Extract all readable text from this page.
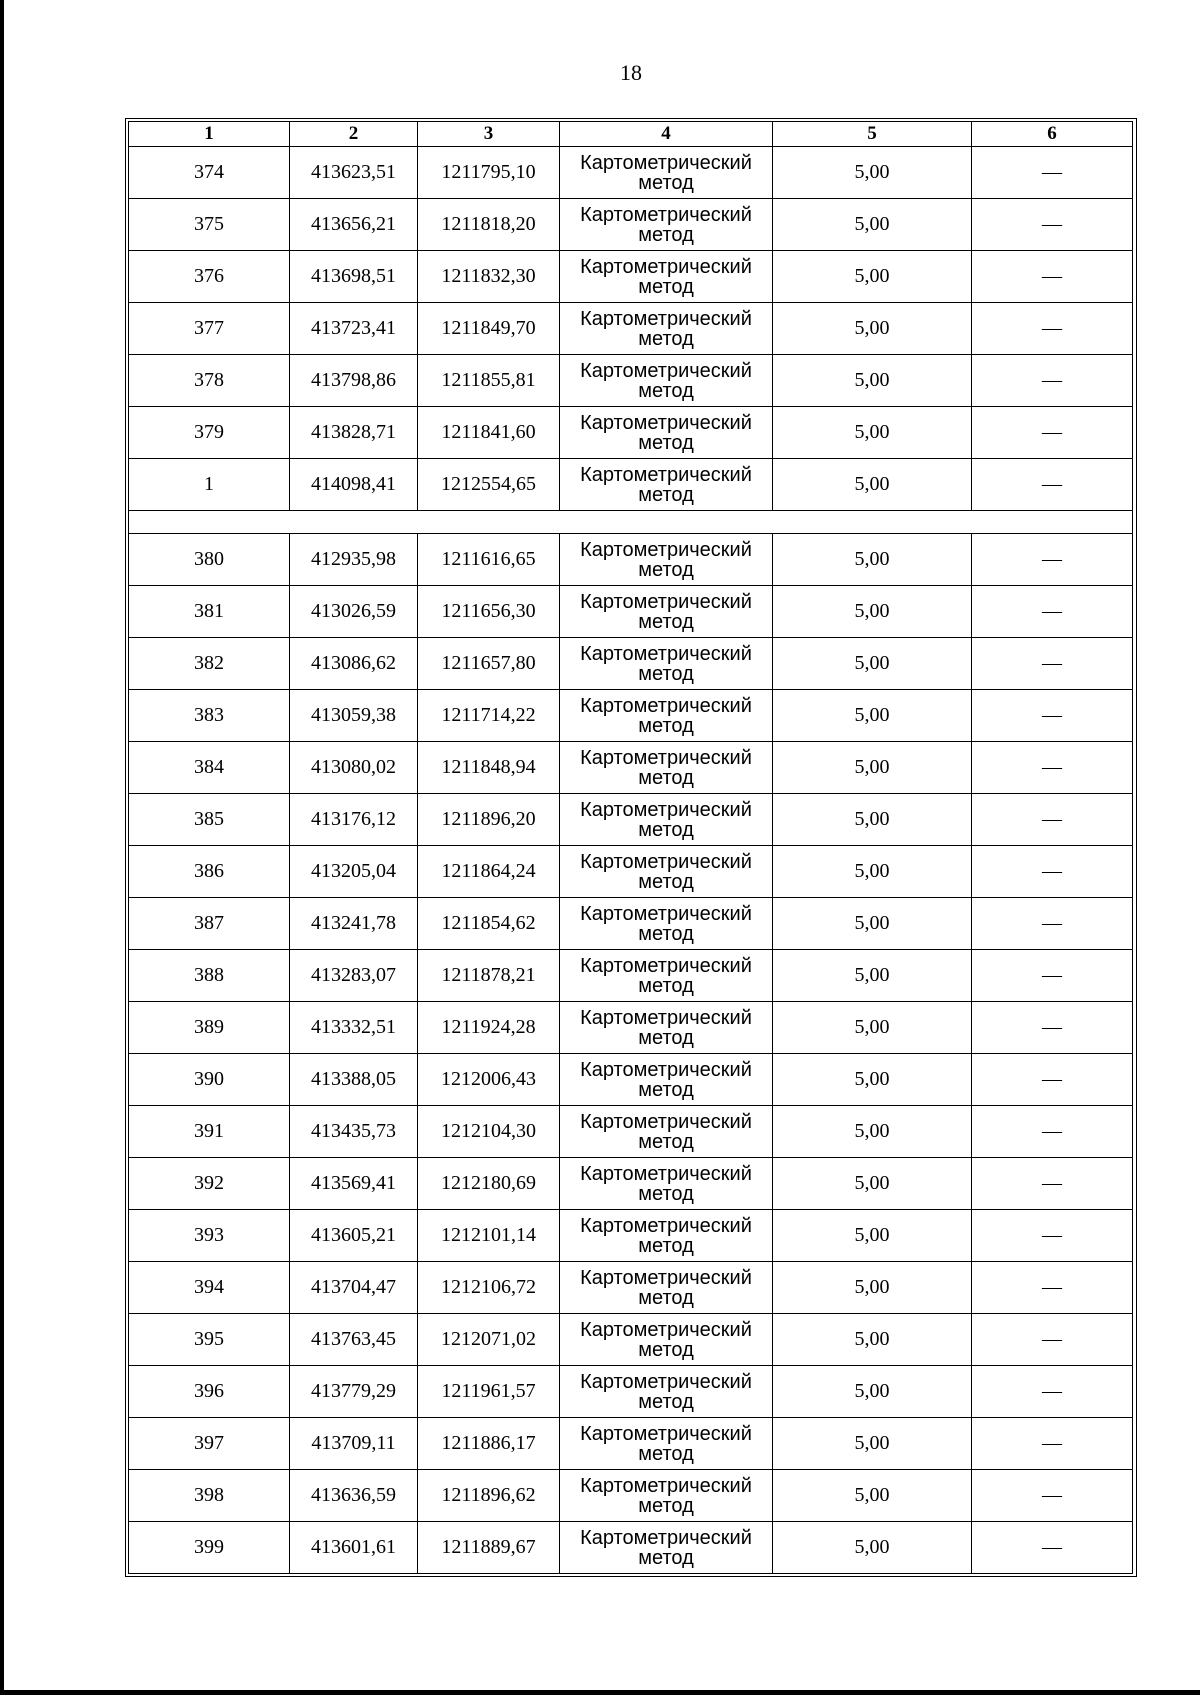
18
1	2	3	4	5	6
374	413623,51	1211795,10	Картометрический метод	5,00	—
375	413656,21	1211818,20	Картометрический метод	5,00	—
376	413698,51	1211832,30	Картометрический метод	5,00	—
377	413723,41	1211849,70	Картометрический метод	5,00	—
378	413798,86	1211855,81	Картометрический метод	5,00	—
379	413828,71	1211841,60	Картометрический метод	5,00	—
1	414098,41	1212554,65	Картометрический метод	5,00	—

380	412935,98	1211616,65	Картометрический метод	5,00	—
381	413026,59	1211656,30	Картометрический метод	5,00	—
382	413086,62	1211657,80	Картометрический метод	5,00	—
383	413059,38	1211714,22	Картометрический метод	5,00	—
384	413080,02	1211848,94	Картометрический метод	5,00	—
385	413176,12	1211896,20	Картометрический метод	5,00	—
386	413205,04	1211864,24	Картометрический метод	5,00	—
387	413241,78	1211854,62	Картометрический метод	5,00	—
388	413283,07	1211878,21	Картометрический метод	5,00	—
389	413332,51	1211924,28	Картометрический метод	5,00	—
390	413388,05	1212006,43	Картометрический метод	5,00	—
391	413435,73	1212104,30	Картометрический метод	5,00	—
392	413569,41	1212180,69	Картометрический метод	5,00	—
393	413605,21	1212101,14	Картометрический метод	5,00	—
394	413704,47	1212106,72	Картометрический метод	5,00	—
395	413763,45	1212071,02	Картометрический метод	5,00	—
396	413779,29	1211961,57	Картометрический метод	5,00	—
397	413709,11	1211886,17	Картометрический метод	5,00	—
398	413636,59	1211896,62	Картометрический метод	5,00	—
399	413601,61	1211889,67	Картометрический метод	5,00	—
